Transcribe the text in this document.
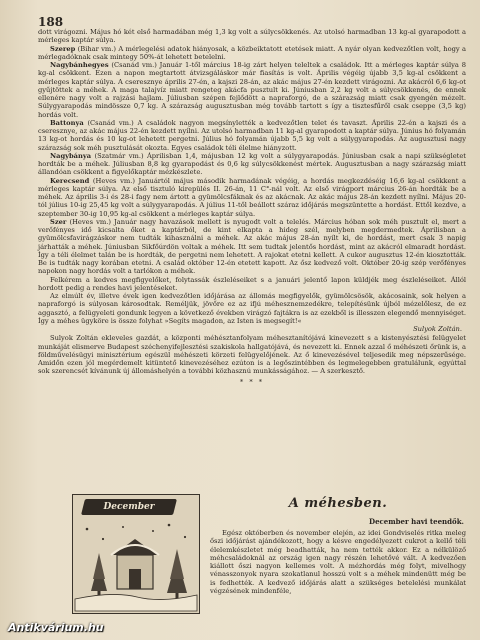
188

dott virágozni. Május hó két első harmadában még 1,3 kg volt a súlycsökkenés. Az utolsó harmadban 13 kg-al gyarapodott a mérleges kaptár súlya.

Szerep (Bihar vm.) A mérlegelési adatok hiányosak, a közbeiktatott etetések miatt. A nyár olyan kedvezőtlen volt, hogy a mérlegadóknak csak mintegy 50%-át lehetett betelelni.

Nagybánhegyes (Csanád vm.) Január 1-től március 18-ig zárt helyen teleltek a családok. Itt a mérleges kaptár súlya 8 kg-al csökkent. Ezen a napon megtartott átvizsgáláskor már fiasítás is volt. Április végéig újabb 3,5 kg-al csökkent a mérleges kaptár súlya. A cseresznye április 27-én, a kajszi 28-án, az akác május 27-én kezdett virágozni. Az akácról 6,6 kg-ot gyűjtöttek a méhek. A maga talajvíz miatt rengeteg akácfa pusztult ki. Júniusban 2,2 kg volt a súlycsökkenés, de ennek ellenére nagy volt a rajzási hajlam. Júliusban szépen fejlődött a napraforgó, de a szárazság miatt csak gyengén mézelt. Súlygyarapodás mindössze 0,7 kg. A szárazság augusztusban még tovább tartott s így a tisztesfűről csak cseppe (3,5 kg) hordás volt.

Battonya (Csanád vm.) A családok nagyon megsínylették a kedvezőtlen telet és tavaszt. Április 22-én a kajszi és a cseresznye, az akác május 22-én kezdett nyílni. Az utolsó harmadban 11 kg-al gyarapodott a kaptár súlya. Június hó folyamán 13 kg-ot hordás és 10 kg-ot lehetett pergetni. Július hó folyamán újabb 5,5 kg volt a súlygyarapodás. Az augusztusi nagy szárazság sok méh pusztulását okozta. Egyes családok téli élelme hiányzott.

Nagybánya (Szatmár vm.) Áprilisban 1,4, májusban 12 kg volt a súlygyarapodás. Júniusban csak a napi szükségletet hordták be a méhek. Júliusban 8,8 kg gyarapodást és 0,6 kg súlycsökkenést mértek. Augusztusban a nagy szárazság miatt állandóan csökkent a figyelőkaptár mézkészlete.

Kerecsend (Heves vm.) Januártól május második harmadának végéig, a hordás megkezdéséig 16,6 kg-al csökkent a mérleges kaptár súlya. Az első tisztuló kirepülés II. 26-án, 11 C°-nál volt. Az első virágport március 26-án hordták be a méhek. Az április 3-i és 28-i fagy nem ártott a gyümölcsfáknak és az akácnak. Az akác május 28-án kezdett nyílni. Május 20-tól július 10-ig 25,45 kg volt a súlygyarapodás. A július 11-től beállott száraz időjárás megszüntette a hordást. Ettől kezdve, a szeptember 30-ig 10,95 kg-al csökkent a mérleges kaptár súlya.

Szer (Heves vm.) Január nagy havazások mellett is nyugodt volt a telelés. Március hóban sok méh pusztult el, mert a verőfényes idő kicsalta őket a kaptárból, de kint elkapta a hideg szél, melyben megdermedtek. Áprilisban a gyümölcsfavirágzáskor nem tudták kihasználni a méhek. Az akác május 28-án nyílt ki, de hordást, mert csak 3 napig járhatták a méhek. Júniusban Sikfőúrdön voltak a méhek. Itt sem tudtak jelentős hordást, mint az akácról elmaradt hordást. Így a téli élelmet talán be is hordták, de pergetni nem lehetett. A rajokat etetni kellett. A cukor augusztus 12-én kiosztották. Be is tudták nagy korában etetni. A család október 12-én etetett kapott. Az ősz kedvező volt. Október 20-ig szép verőfényes napokon nagy hordás volt a tarlókon a méhek.

Felkérem a kedves megfigyelőket, folytassák észleléseiket s a januári jelentő lapon küldjék meg észleléseiket. Állól hordott pedig a rendes havi jelentéseket.

Az elmúlt év, illetve évek igen kedvezőtlen időjárása az állomás megfigyelők, gyümölcsösök, akácosaink, sok helyen a napraforgó is súlyosan károsodtak. Reméljük, jövőre ez az ifjú méhesznemzedékre, telepítésünk újból mézelőlesz, de ez aggasztó, a felügyeleti gondunk legyen a következő években virágzó fajtákra is az ezekből is illesszen elegendő mennyiséget. Így a méhes ügyköre is össze folyhat »Segíts magadon, az Isten is megsegít!«

Sulyok Zoltán.

Sulyok Zoltán ekleveles gazdát, a központi méhésztanfolyam méhesztanítójává kinevezett s a kistenyésztési felügyelet munkáját elismerve Budapest széchenyifejlesztési szakiskola hallgatójává, és nevezett ki. Ennek azzal ő méhészeti őrünk is, a földművelésügyi minisztérium egészül méhészeti körzeti felügyelőjének. Az ő kinevezésével teljesedik meg népszerűsége. Amidőn ezen jól megérdemelt kitüntető kinevezéséhez ezúton is a legőszintébben és legmelegebben gratulálunk, egyúttal sok szerencsét kívánunk új állomáshelyén a további közhasznú munkásságához. — A szerkesztő.

* * *
December	A méhesben.
December havi teendők.

Egész októberben és november elején, az idei Gondviselés ritka meleg őszi időjárást ajándékozott, hogy a késve engedélyezett cukrot a kellő téli élelemkészletet még beadhatták, ha nem tették akkor. Ez a nélkülöző méhcsaládoknál az ország igen nagy részén lehetővé vált. A kedvezően kiállott őszi nagyon kellemes volt. A mézhordás még folyt, mivelhogy vénasszonyok nyara szokatlanul hosszú volt s a méhek mindenütt még be is fedhették. A kedvező időjárás alatt a szükséges betelelési munkálat végzésének mindenféle,

Antikvárium.hu
